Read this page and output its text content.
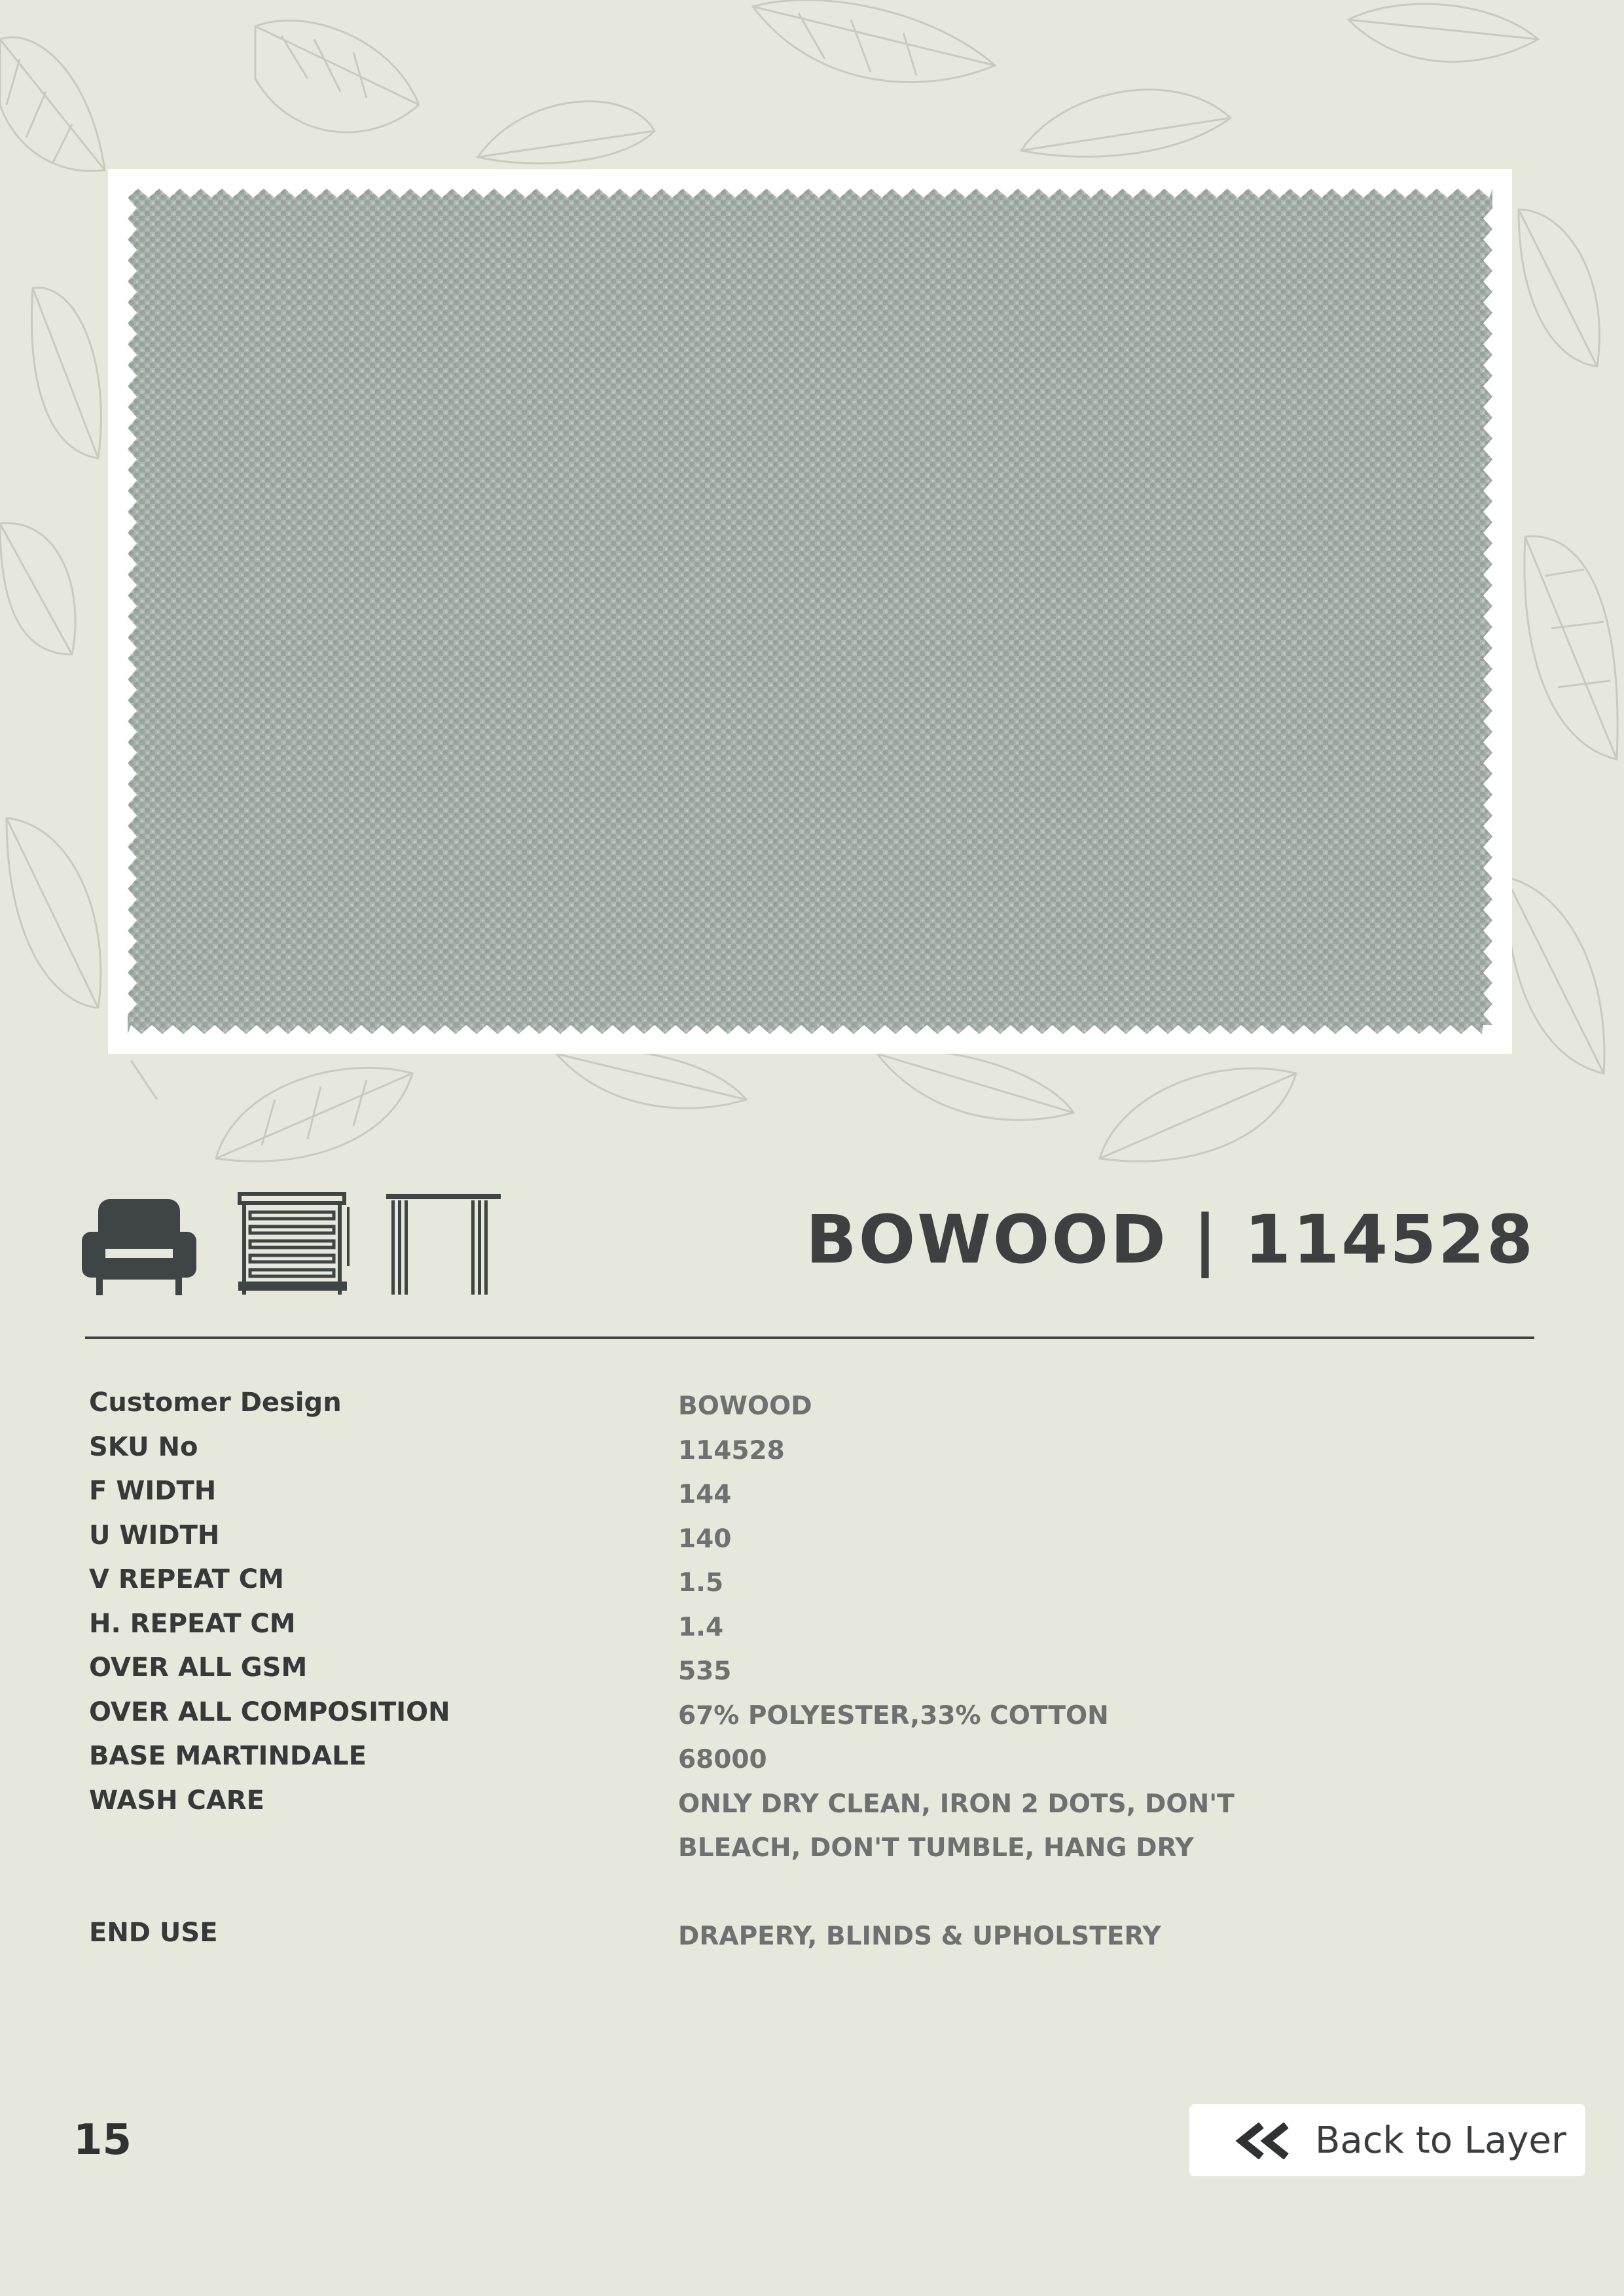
BOWOOD | 114528
Customer Design	BOWOOD
SKU No	114528
F WIDTH	144
U WIDTH	140
V REPEAT CM	1.5
H. REPEAT CM	1.4
OVER ALL GSM	535
OVER ALL COMPOSITION	67% POLYESTER,33% COTTON
BASE MARTINDALE	68000
WASH CARE	ONLY DRY CLEAN, IRON 2 DOTS, DON'T BLEACH, DON'T TUMBLE, HANG DRY
END USE	DRAPERY, BLINDS & UPHOLSTERY
15	Back to Layer
